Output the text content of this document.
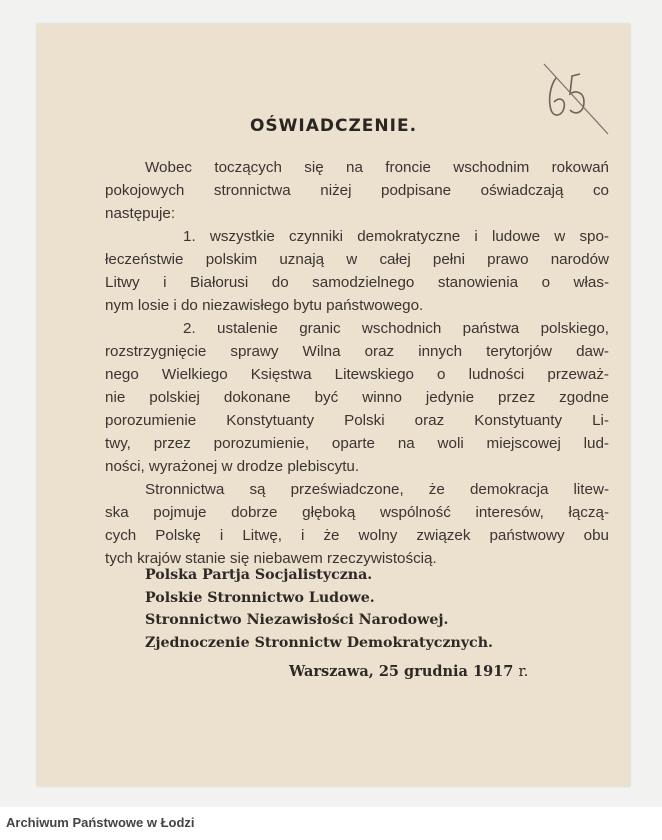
OŚWIADCZENIE.
Wobec toczących się na froncie wschodnim rokowań
pokojowych stronnictwa niżej podpisane oświadczają co
następuje:
1. wszystkie czynniki demokratyczne i ludowe w spo-
łeczeństwie polskim uznają w całej pełni prawo narodów
Litwy i Białorusi do samodzielnego stanowienia o włas-
nym losie i do niezawisłego bytu państwowego.
2. ustalenie granic wschodnich państwa polskiego,
rozstrzygnięcie sprawy Wilna oraz innych terytorjów daw-
nego Wielkiego Księstwa Litewskiego o ludności przeważ-
nie polskiej dokonane być winno jedynie przez zgodne
porozumienie Konstytuanty Polski oraz Konstytuanty Li-
twy, przez porozumienie, oparte na woli miejscowej lud-
ności, wyrażonej w drodze plebiscytu.
Stronnictwa są przeświadczone, że demokracja litew-
ska pojmuje dobrze głęboką wspólność interesów, łączą-
cych Polskę i Litwę, i że wolny związek państwowy obu
tych krajów stanie się niebawem rzeczywistością.
Polska Partja Socjalistyczna.
Polskie Stronnictwo Ludowe.
Stronnictwo Niezawisłości Narodowej.
Zjednoczenie Stronnictw Demokratycznych.
Warszawa, 25 grudnia 1917 r.
Archiwum Państwowe w Łodzi
